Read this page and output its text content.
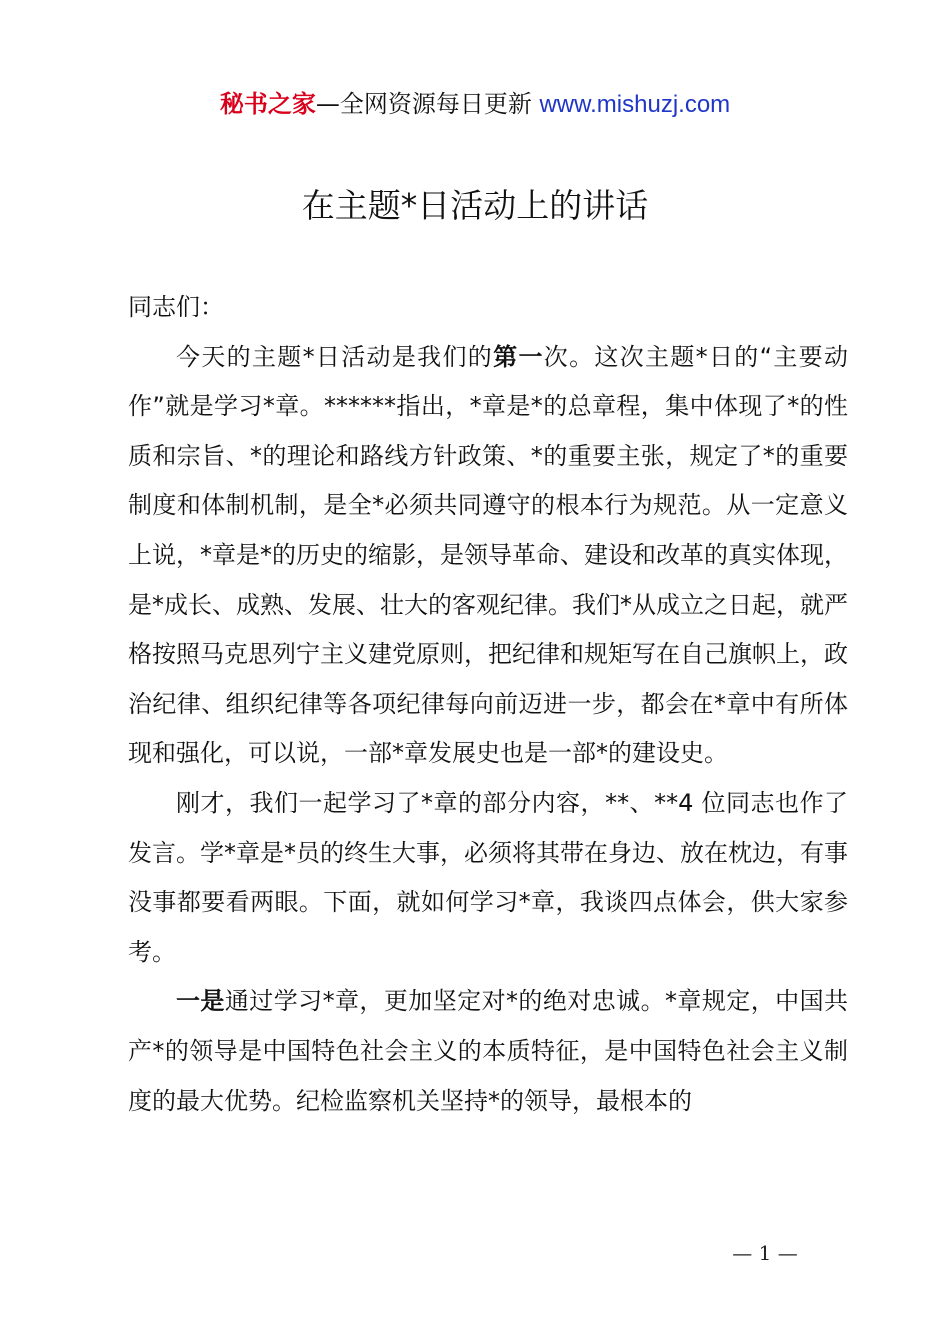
秘书之家—全网资源每日更新 www.mishuzj.com
在主题*日活动上的讲话

同志们：

今天的主题*日活动是我们的第一次。这次主题*日的“主要动作”就是学习*章。******指出，*章是*的总章程，集中体现了*的性质和宗旨、*的理论和路线方针政策、*的重要主张，规定了*的重要制度和体制机制，是全*必须共同遵守的根本行为规范。从一定意义上说，*章是*的历史的缩影，是领导革命、建设和改革的真实体现，是*成长、成熟、发展、壮大的客观纪律。我们*从成立之日起，就严格按照马克思列宁主义建党原则，把纪律和规矩写在自己旗帜上，政治纪律、组织纪律等各项纪律每向前迈进一步，都会在*章中有所体现和强化，可以说，一部*章发展史也是一部*的建设史。

刚才，我们一起学习了*章的部分内容，**、**4 位同志也作了发言。学*章是*员的终生大事，必须将其带在身边、放在枕边，有事没事都要看两眼。下面，就如何学习*章，我谈四点体会，供大家参考。

一是通过学习*章，更加坚定对*的绝对忠诚。*章规定，中国共产*的领导是中国特色社会主义的本质特征，是中国特色社会主义制度的最大优势。纪检监察机关坚持*的领导，最根本的

— 1 —
